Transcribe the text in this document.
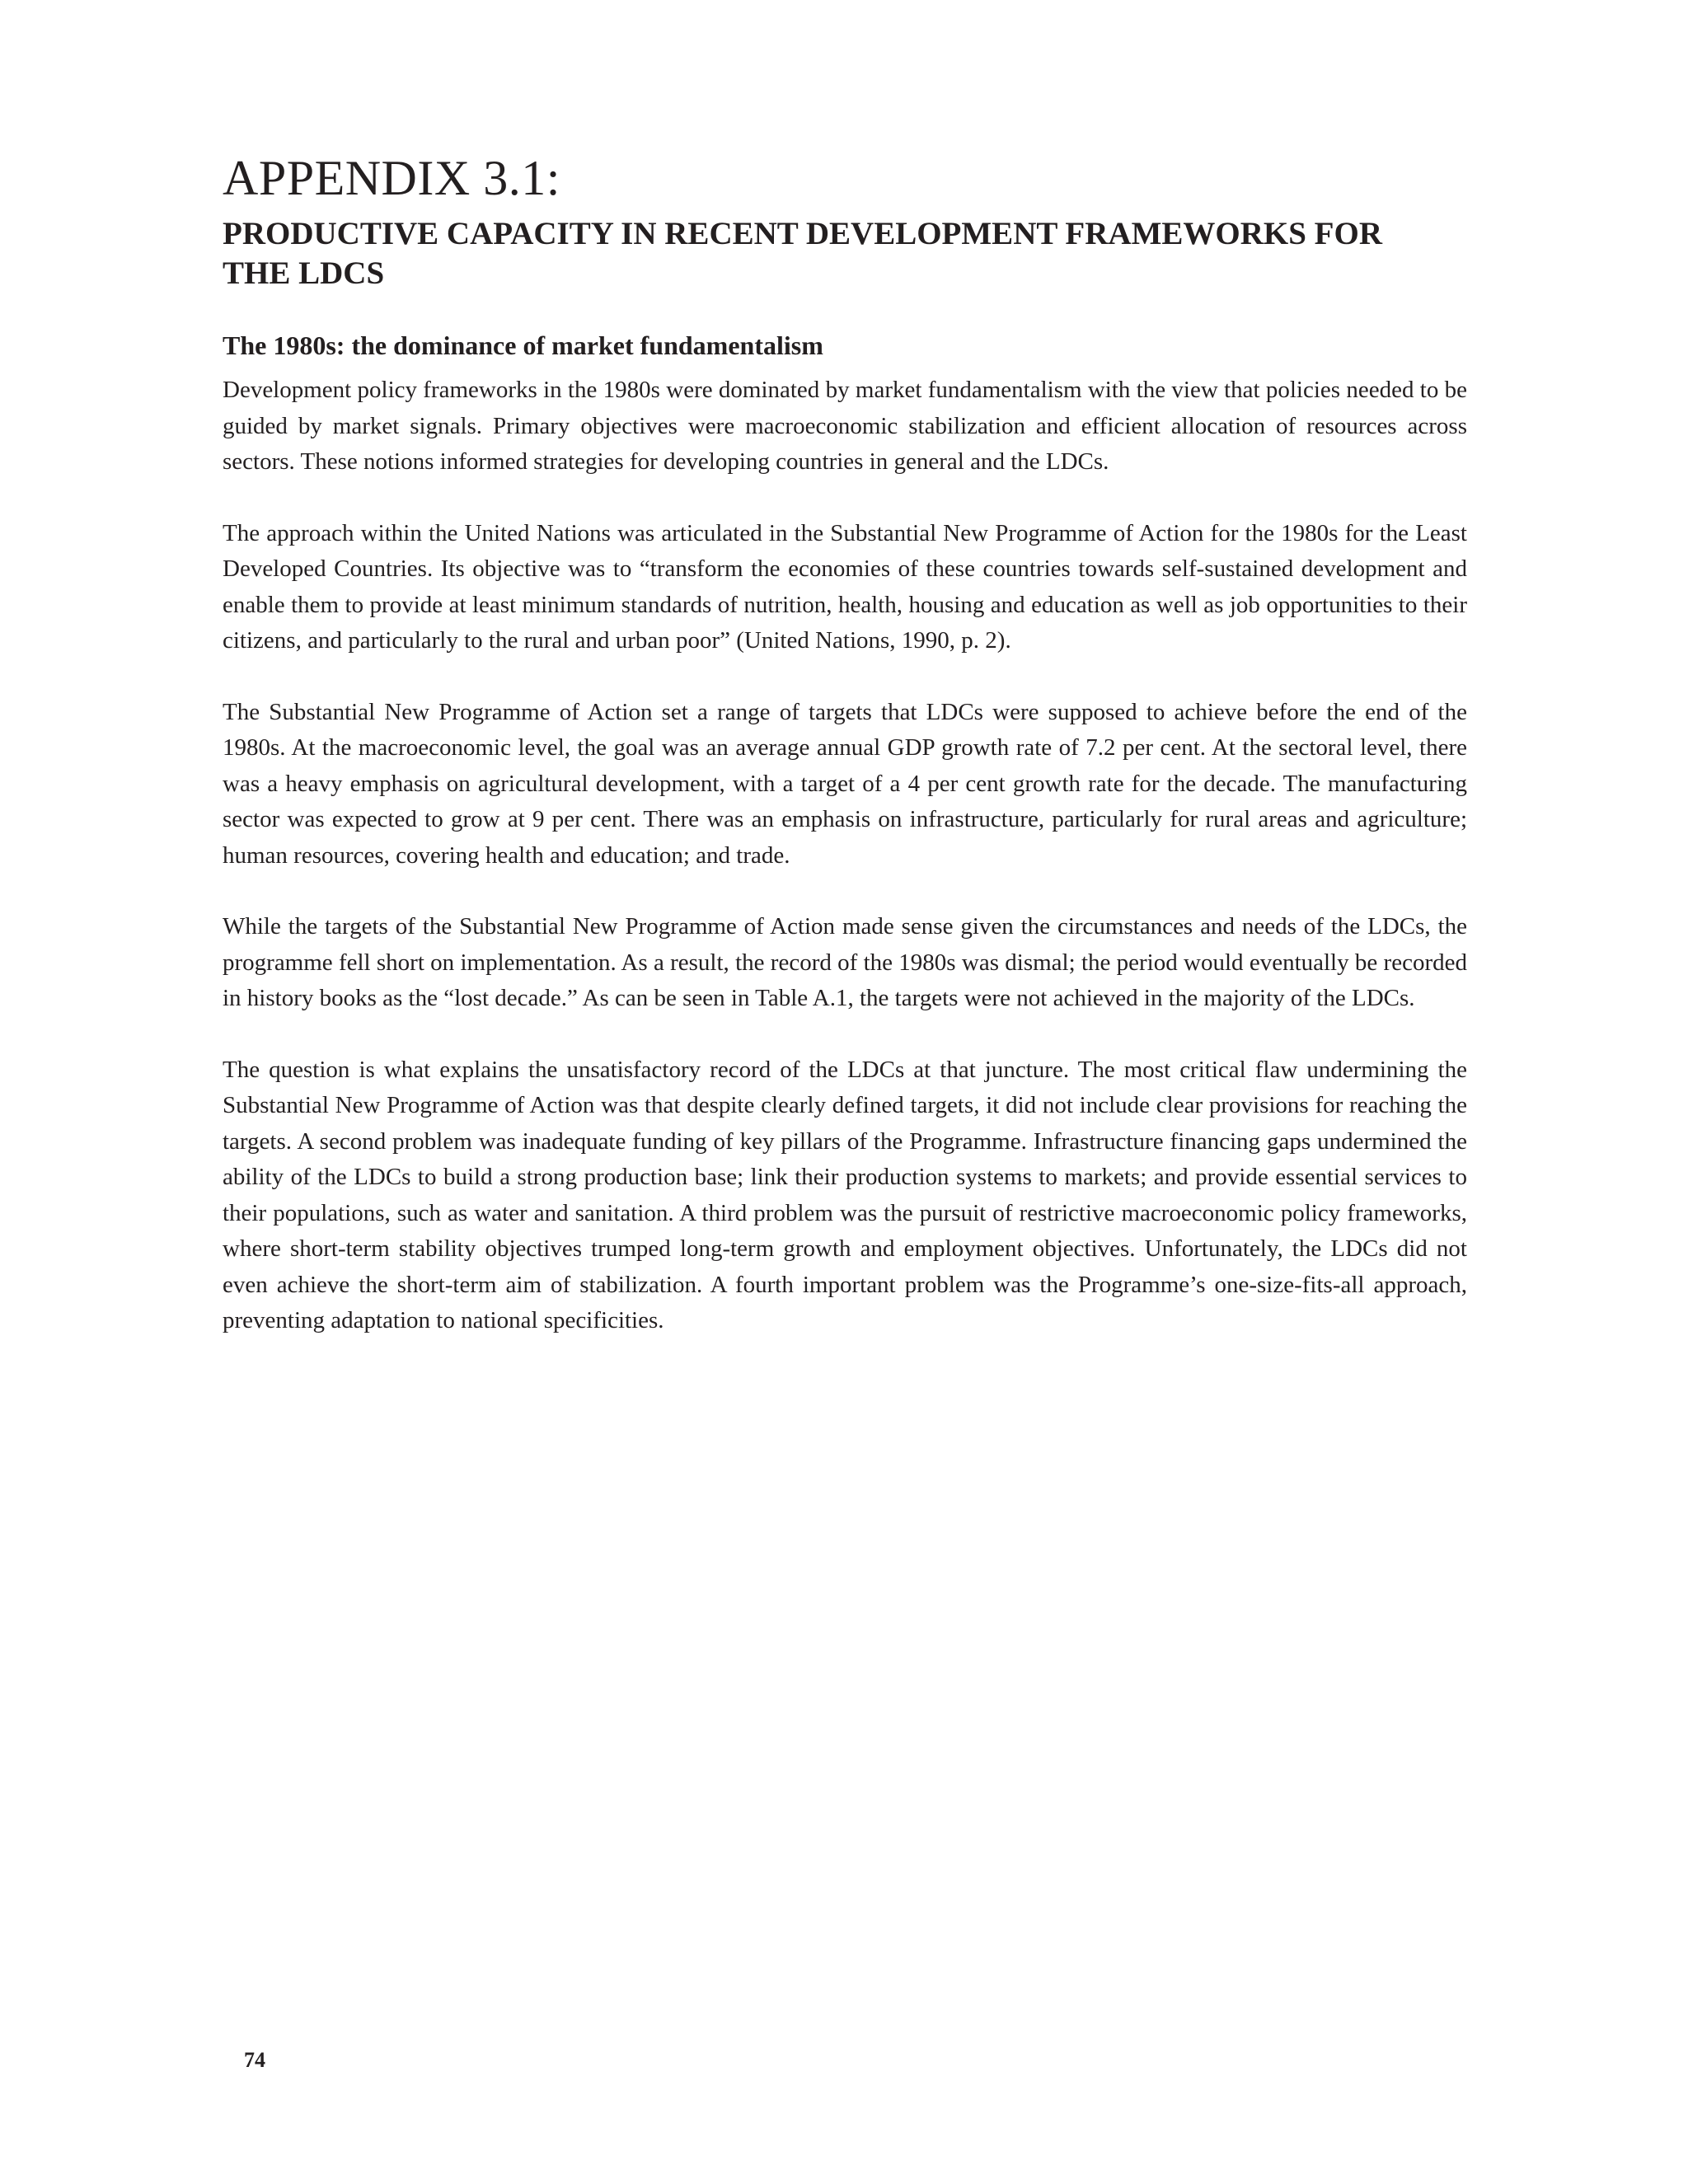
APPENDIX 3.1:
PRODUCTIVE CAPACITY IN RECENT DEVELOPMENT FRAMEWORKS FOR THE LDCS
The 1980s: the dominance of market fundamentalism

Development policy frameworks in the 1980s were dominated by market fundamentalism with the view that policies needed to be guided by market signals. Primary objectives were macroeconomic stabilization and efficient allocation of resources across sectors. These notions informed strategies for developing countries in general and the LDCs.

The approach within the United Nations was articulated in the Substantial New Programme of Action for the 1980s for the Least Developed Countries. Its objective was to “transform the economies of these countries towards self-sustained development and enable them to provide at least minimum standards of nutrition, health, housing and education as well as job opportunities to their citizens, and particularly to the rural and urban poor” (United Nations, 1990, p. 2).

The Substantial New Programme of Action set a range of targets that LDCs were supposed to achieve before the end of the 1980s. At the macroeconomic level, the goal was an average annual GDP growth rate of 7.2 per cent. At the sectoral level, there was a heavy emphasis on agricultural development, with a target of a 4 per cent growth rate for the decade. The manufacturing sector was expected to grow at 9 per cent. There was an emphasis on infrastructure, particularly for rural areas and agriculture; human resources, covering health and education; and trade.

While the targets of the Substantial New Programme of Action made sense given the circumstances and needs of the LDCs, the programme fell short on implementation. As a result, the record of the 1980s was dismal; the period would eventually be recorded in history books as the “lost decade.” As can be seen in Table A.1, the targets were not achieved in the majority of the LDCs.

The question is what explains the unsatisfactory record of the LDCs at that juncture. The most critical flaw undermining the Substantial New Programme of Action was that despite clearly defined targets, it did not include clear provisions for reaching the targets. A second problem was inadequate funding of key pillars of the Programme. Infrastructure financing gaps undermined the ability of the LDCs to build a strong production base; link their production systems to markets; and provide essential services to their populations, such as water and sanitation. A third problem was the pursuit of restrictive macroeconomic policy frameworks, where short-term stability objectives trumped long-term growth and employment objectives. Unfortunately, the LDCs did not even achieve the short-term aim of stabilization. A fourth important problem was the Programme’s one-size-fits-all approach, preventing adaptation to national specificities.

74
